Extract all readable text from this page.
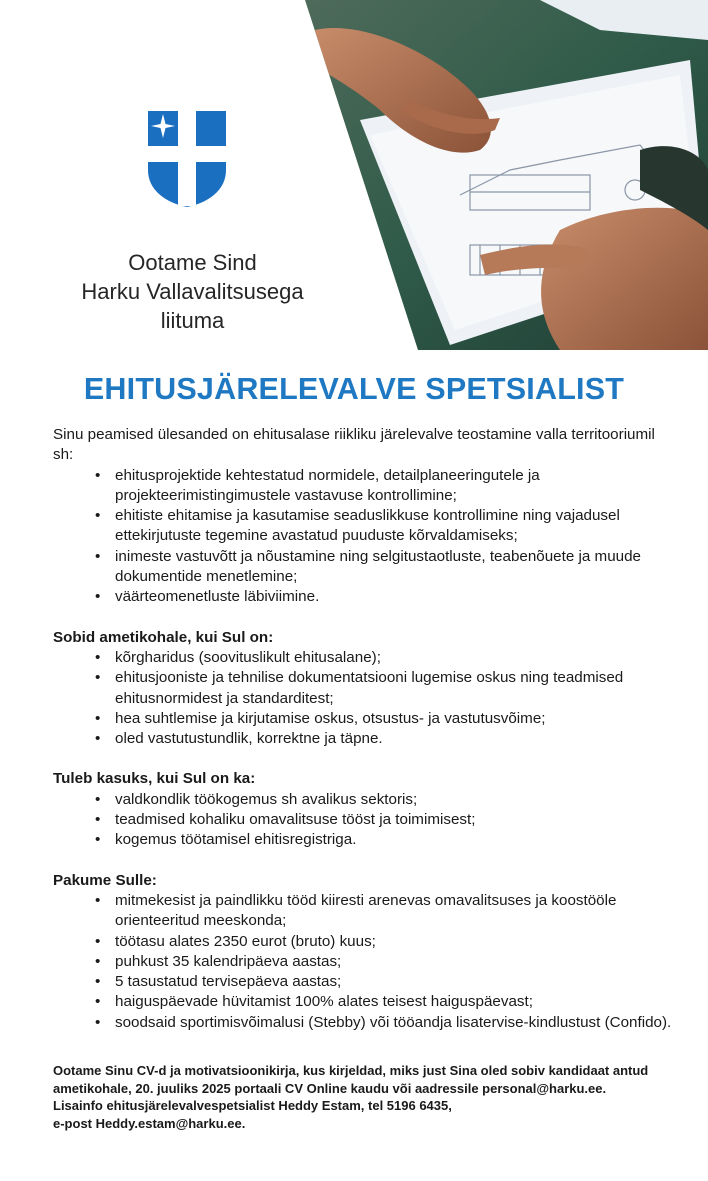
Ootame Sind
Harku Vallavalitsusega
liituma
EHITUSJÄRELEVALVE SPETSIALIST

Sinu peamised ülesanded on ehitusalase riikliku järelevalve teostamine valla territooriumil sh:

• ehitusprojektide kehtestatud normidele, detailplaneeringutele ja projekteerimistingimustele vastavuse kontrollimine;
• ehitiste ehitamise ja kasutamise seaduslikkuse kontrollimine ning vajadusel ettekirjutuste tegemine avastatud puuduste kõrvaldamiseks;
• inimeste vastuvõtt ja nõustamine ning selgitustaotluste, teabenõuete ja muude dokumentide menetlemine;
• väärteomenetluste läbiviimine.
Sobid ametikohale, kui Sul on:
• kõrgharidus (soovituslikult ehitusalane);
• ehitusjooniste ja tehnilise dokumentatsiooni lugemise oskus ning teadmised ehitusnormidest ja standarditest;
• hea suhtlemise ja kirjutamise oskus, otsustus- ja vastutusvõime;
• oled vastutustundlik, korrektne ja täpne.
Tuleb kasuks, kui Sul on ka:
• valdkondlik töökogemus sh avalikus sektoris;
• teadmised kohaliku omavalitsuse tööst ja toimimisest;
• kogemus töötamisel ehitisregistriga.
Pakume Sulle:
• mitmekesist ja paindlikku tööd kiiresti arenevas omavalitsuses ja koostööle orienteeritud meeskonda;
• töötasu alates 2350 eurot (bruto) kuus;
• puhkust 35 kalendripäeva aastas;
• 5 tasustatud tervisepäeva aastas;
• haiguspäevade hüvitamist 100% alates teisest haiguspäevast;
• soodsaid sportimisvõimalusi (Stebby) või tööandja lisatervise-kindlustust (Confido).

Ootame Sinu CV-d ja motivatsioonikirja, kus kirjeldad, miks just Sina oled sobiv kandidaat antud ametikohale, 20. juuliks 2025 portaali CV Online kaudu või aadressile personal@harku.ee.

Lisainfo ehitusjärelevalvespetsialist Heddy Estam, tel 5196 6435,

e-post Heddy.estam@harku.ee.
